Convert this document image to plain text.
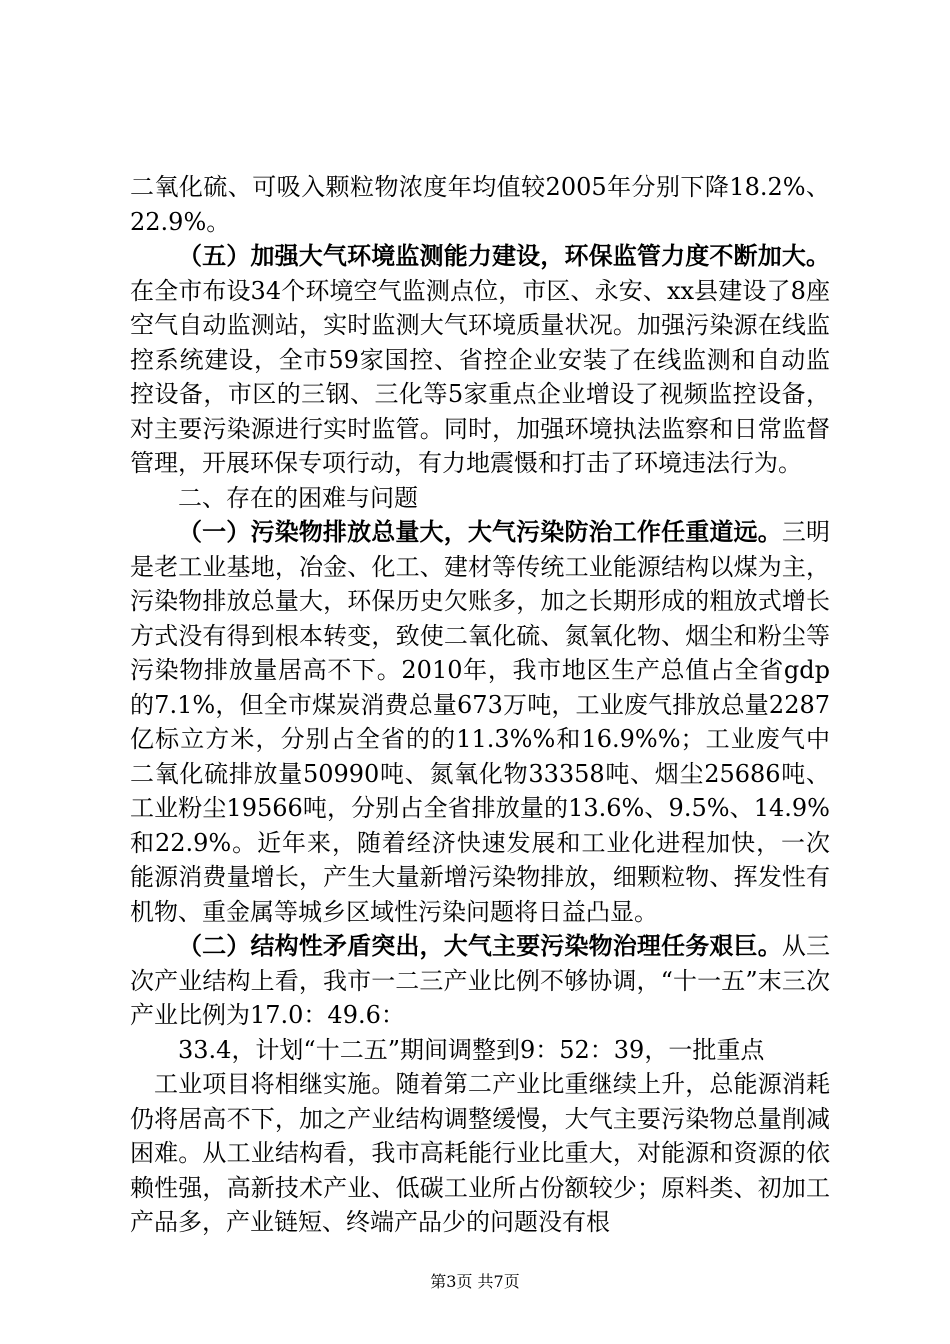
二氧化硫、可吸入颗粒物浓度年均值较2005年分别下降18.2%、22.9%。

（五）加强大气环境监测能力建设，环保监管力度不断加大。在全市布设34个环境空气监测点位，市区、永安、xx县建设了8座空气自动监测站，实时监测大气环境质量状况。加强污染源在线监控系统建设，全市59家国控、省控企业安装了在线监测和自动监控设备，市区的三钢、三化等5家重点企业增设了视频监控设备，对主要污染源进行实时监管。同时，加强环境执法监察和日常监督管理，开展环保专项行动，有力地震慑和打击了环境违法行为。

二、存在的困难与问题

（一）污染物排放总量大，大气污染防治工作任重道远。三明是老工业基地，冶金、化工、建材等传统工业能源结构以煤为主，污染物排放总量大，环保历史欠账多，加之长期形成的粗放式增长方式没有得到根本转变，致使二氧化硫、氮氧化物、烟尘和粉尘等污染物排放量居高不下。2010年，我市地区生产总值占全省gdp的7.1%，但全市煤炭消费总量673万吨，工业废气排放总量2287亿标立方米，分别占全省的的11.3%%和16.9%%；工业废气中二氧化硫排放量50990吨、氮氧化物33358吨、烟尘25686吨、工业粉尘19566吨，分别占全省排放量的13.6%、9.5%、14.9%和22.9%。近年来，随着经济快速发展和工业化进程加快，一次能源消费量增长，产生大量新增污染物排放，细颗粒物、挥发性有机物、重金属等城乡区域性污染问题将日益凸显。

（二）结构性矛盾突出，大气主要污染物治理任务艰巨。从三次产业结构上看，我市一二三产业比例不够协调，“十一五”末三次产业比例为17.0：49.6：

33.4，计划“十二五”期间调整到9：52：39，一批重点

工业项目将相继实施。随着第二产业比重继续上升，总能源消耗仍将居高不下，加之产业结构调整缓慢，大气主要污染物总量削减困难。从工业结构看，我市高耗能行业比重大，对能源和资源的依赖性强，高新技术产业、低碳工业所占份额较少；原料类、初加工产品多，产业链短、终端产品少的问题没有根

第3页 共7页
